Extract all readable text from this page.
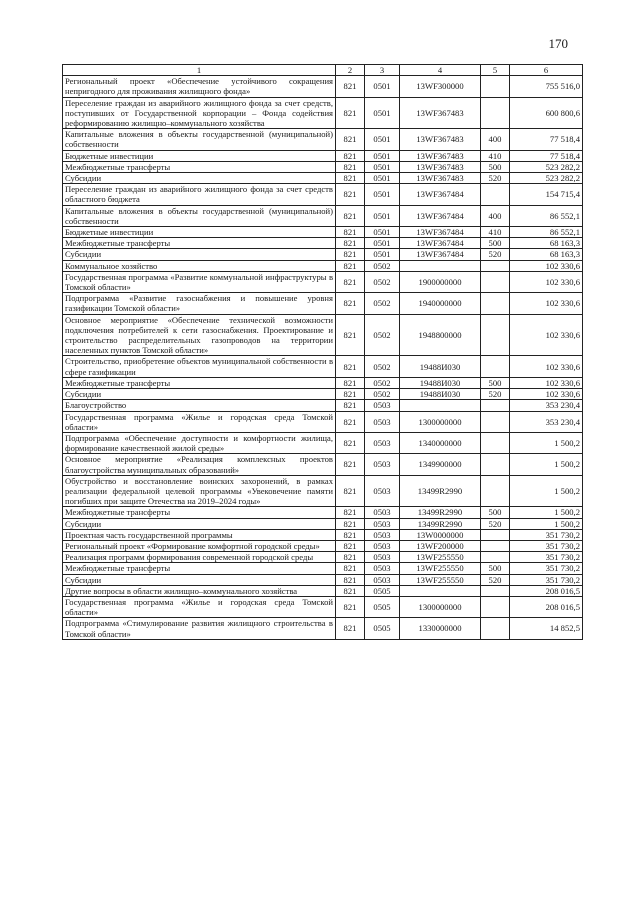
170
1	2	3	4	5	6
Региональный проект «Обеспечение устойчивого сокращения непригодного для проживания жилищного фонда»	821	0501	13WF300000		755 516,0
Переселение граждан из аварийного жилищного фонда за счет средств, поступивших от Государственной корпорации – Фонда содействия реформированию жилищно–коммунального хозяйства	821	0501	13WF367483		600 800,6
Капитальные вложения в объекты государственной (муниципальной) собственности	821	0501	13WF367483	400	77 518,4
Бюджетные инвестиции	821	0501	13WF367483	410	77 518,4
Межбюджетные трансферты	821	0501	13WF367483	500	523 282,2
Субсидии	821	0501	13WF367483	520	523 282,2
Переселение граждан из аварийного жилищного фонда за счет средств областного бюджета	821	0501	13WF367484		154 715,4
Капитальные вложения в объекты государственной (муниципальной) собственности	821	0501	13WF367484	400	86 552,1
Бюджетные инвестиции	821	0501	13WF367484	410	86 552,1
Межбюджетные трансферты	821	0501	13WF367484	500	68 163,3
Субсидии	821	0501	13WF367484	520	68 163,3
Коммунальное хозяйство	821	0502			102 330,6
Государственная программа «Развитие коммунальной инфраструктуры в Томской области»	821	0502	1900000000		102 330,6
Подпрограмма «Развитие газоснабжения и повышение уровня газификации Томской области»	821	0502	1940000000		102 330,6
Основное мероприятие «Обеспечение технической возможности подключения потребителей к сети газоснабжения. Проектирование и строительство распределительных газопроводов на территории населенных пунктов Томской области»	821	0502	1948800000		102 330,6
Строительство, приобретение объектов муниципальной собственности в сфере газификации	821	0502	19488И030		102 330,6
Межбюджетные трансферты	821	0502	19488И030	500	102 330,6
Субсидии	821	0502	19488И030	520	102 330,6
Благоустройство	821	0503			353 230,4
Государственная программа «Жилье и городская среда Томской области»	821	0503	1300000000		353 230,4
Подпрограмма «Обеспечение доступности и комфортности жилища, формирование качественной жилой среды»	821	0503	1340000000		1 500,2
Основное мероприятие «Реализация комплексных проектов благоустройства муниципальных образований»	821	0503	1349900000		1 500,2
Обустройство и восстановление воинских захоронений, в рамках реализации федеральной целевой программы «Увековечение памяти погибших при защите Отечества на 2019–2024 годы»	821	0503	13499R2990		1 500,2
Межбюджетные трансферты	821	0503	13499R2990	500	1 500,2
Субсидии	821	0503	13499R2990	520	1 500,2
Проектная часть государственной программы	821	0503	13W0000000		351 730,2
Региональный проект «Формирование комфортной городской среды»	821	0503	13WF200000		351 730,2
Реализация программ формирования современной городской среды	821	0503	13WF255550		351 730,2
Межбюджетные трансферты	821	0503	13WF255550	500	351 730,2
Субсидии	821	0503	13WF255550	520	351 730,2
Другие вопросы в области жилищно–коммунального хозяйства	821	0505			208 016,5
Государственная программа «Жилье и городская среда Томской области»	821	0505	1300000000		208 016,5
Подпрограмма «Стимулирование развития жилищного строительства в Томской области»	821	0505	1330000000		14 852,5
